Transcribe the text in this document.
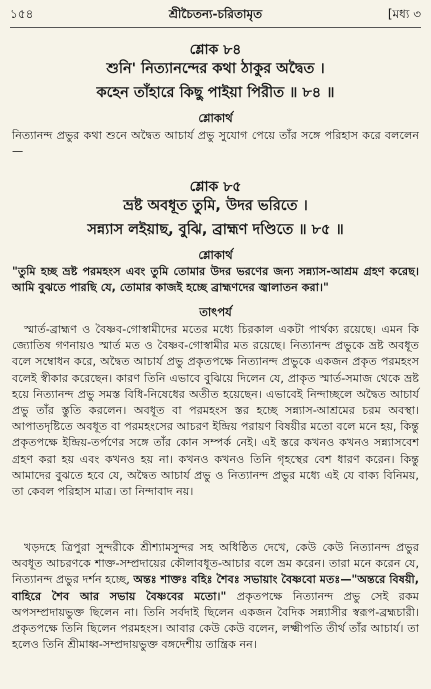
১৫৪	শ্রীচৈতন্য-চরিতামৃত	[মধ্য ৩
শ্লোক ৮৪
শুনি' নিত্যানন্দের কথা ঠাকুর অদ্বৈত ।
কহেন তাঁহারে কিছু পাইয়া পিরীত ॥ ৮৪ ॥
শ্লোকার্থ
নিত্যানন্দ প্রভুর কথা শুনে অদ্বৈত আচার্য প্রভু সুযোগ পেয়ে তাঁর সঙ্গে পরিহাস করে বললেন—
শ্লোক ৮৫
ভ্রষ্ট অবধূত তুমি, উদর ভরিতে ।
সন্ন্যাস লইয়াছ, বুঝি, ব্রাহ্মণ দণ্ডিতে ॥ ৮৫ ॥
শ্লোকার্থ
"তুমি হচ্ছ ভ্রষ্ট পরমহংস এবং তুমি তোমার উদর ভরণের জন্য সন্ন্যাস-আশ্রম গ্রহণ করেছ। আমি বুঝতে পারছি যে, তোমার কাজই হচ্ছে ব্রাহ্মণদের জ্বালাতন করা।"
তাৎপর্য
স্মার্ত-ব্রাহ্মণ ও বৈষ্ণব-গোস্বামীদের মতের মধ্যে চিরকাল একটা পার্থক্য রয়েছে। এমন কি জ্যোতিষ গণনায়ও স্মার্ত মত ও বৈষ্ণব-গোস্বামীর মত রয়েছে। নিত্যানন্দ প্রভুকে ভ্রষ্ট অবধূত বলে সম্বোধন করে, অদ্বৈত আচার্য প্রভু প্রকৃতপক্ষে নিত্যানন্দ প্রভুকে একজন প্রকৃত পরমহংস বলেই স্বীকার করেছেন। কারণ তিনি এভাবে বুঝিয়ে দিলেন যে, প্রাকৃত স্মার্ত-সমাজ থেকে ভ্রষ্ট হয়ে নিত্যানন্দ প্রভু সমস্ত বিধি-নিষেধের অতীত হয়েছেন। এভাবেই নিন্দাচ্ছলে অদ্বৈত আচার্য প্রভু তাঁর স্তুতি করলেন। অবধূত বা পরমহংস স্তর হচ্ছে সন্ন্যাস-আশ্রমের চরম অবস্থা। আপাতদৃষ্টিতে অবধূত বা পরমহংসের আচরণ ইন্দ্রিয় পরায়ণ বিষয়ীর মতো বলে মনে হয়, কিন্তু প্রকৃতপক্ষে ইন্দ্রিয়-তর্পণের সঙ্গে তাঁর কোন সম্পর্ক নেই। এই স্তরে কখনও কখনও সন্ন্যাসবেশ গ্রহণ করা হয় এবং কখনও হয় না। কখনও কখনও তিনি গৃহস্থের বেশ ধারণ করেন। কিন্তু আমাদের বুঝতে হবে যে, অদ্বৈত আচার্য প্রভু ও নিত্যানন্দ প্রভুর মধ্যে এই যে বাক্য বিনিময়, তা কেবল পরিহাস মাত্র। তা নিন্দাবাদ নয়।
খড়দহে ত্রিপুরা সুন্দরীকে শ্রীশ্যামসুন্দর সহ অধিষ্ঠিত দেখে, কেউ কেউ নিত্যানন্দ প্রভুর অবধূত আচরণকে শাক্ত-সম্প্রদায়ের কৌলাবধূত-আচার বলে ভ্রম করেন। তারা মনে করেন যে, নিত্যানন্দ প্রভুর দর্শন হচ্ছে, অন্তঃ শাক্তঃ বহিঃ শৈবঃ সভায়াং বৈষ্ণবো মতঃ—"অন্তরে বিষয়ী, বাহিরে শৈব আর সভায় বৈষ্ণবের মতো।" প্রকৃতপক্ষে নিত্যানন্দ প্রভু সেই রকম অপসম্প্রদায়ভুক্ত ছিলেন না। তিনি সর্বদাই ছিলেন একজন বৈদিক সন্ন্যাসীর স্বরূপ-ব্রহ্মচারী। প্রকৃতপক্ষে তিনি ছিলেন পরমহংস। আবার কেউ কেউ বলেন, লক্ষ্মীপতি তীর্থ তাঁর আচার্য। তা হলেও তিনি শ্রীমাধ্ব-সম্প্রদায়ভুক্ত বঙ্গদেশীয় তান্ত্রিক নন।
